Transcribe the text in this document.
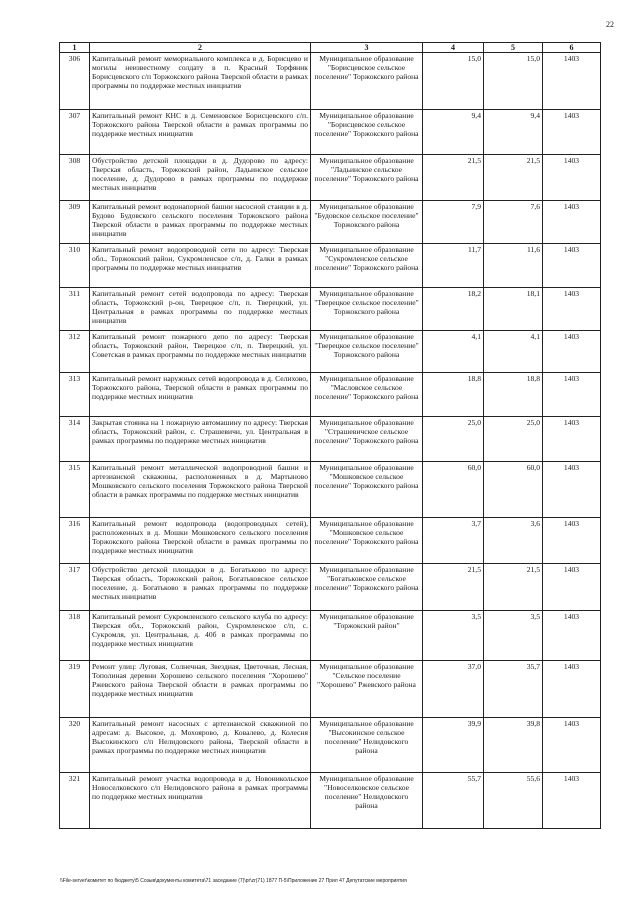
22
1	2	3	4	5	6
306	Капитальный ремонт мемориального комплекса в д. Борисцево и могилы неизвестному солдату в п. Красный Торфяник Борисцевского с/п Торжокского района Тверской области в рамках программы по поддержке местных инициатив	Муниципальное образование "Борисцевское сельское поселение" Торжокского района	15,0	15,0	1403
307	Капитальный ремонт КНС в д. Семеновское Борисцевского с/п. Торжокского района Тверской области в рамках программы по поддержке местных инициатив	Муниципальное образование "Борисцевское сельское поселение" Торжокского района	9,4	9,4	1403
308	Обустройство детской площадки в д. Дудорово по адресу: Тверская область, Торжокский район, Ладьинское сельское поселение, д. Дудорово в рамках программы по поддержке местных инициатив	Муниципальное образование "Ладьинское сельское поселение" Торжокского района	21,5	21,5	1403
309	Капитальный ремонт водонапорной башни насосной станции в д. Будово Будовского сельского поселения Торжокского района Тверской области в рамках программы по поддержке местных инициатив	Муниципальное образование "Будовское сельское поселение" Торжокского района	7,9	7,6	1403
310	Капитальный ремонт водопроводной сети по адресу: Тверская обл., Торжокский район, Сукромленское с/п, д. Галки в рамках программы по поддержке местных инициатив	Муниципальное образование "Сукромленское сельское поселение" Торжокского района	11,7	11,6	1403
311	Капитальный ремонт сетей водопровода по адресу: Тверская область, Торжокский р-он, Тверецкое с/п, п. Тверецкий, ул. Центральная в рамках программы по поддержке местных инициатив	Муниципальное образование "Тверецкое сельское поселение" Торжокского района	18,2	18,1	1403
312	Капитальный ремонт пожарного депо по адресу: Тверская область, Торжокский район, Тверецкое с/п, п. Тверецкий, ул. Советская в рамках программы по поддержке местных инициатив	Муниципальное образование "Тверецкое сельское поселение" Торжокского района	4,1	4,1	1403
313	Капитальный ремонт наружных сетей водопровода в д. Селихово, Торжокского района, Тверской области в рамках программы по поддержке местных инициатив	Муниципальное образование "Масловское сельское поселение" Торжокского района	18,8	18,8	1403
314	Закрытая стоянка на 1 пожарную автомашину по адресу: Тверская область, Торжокский район, с. Страшевичи, ул. Центральная в рамках программы по поддержке местных инициатив	Муниципальное образование "Страшевичское сельское поселение" Торжокского района	25,0	25,0	1403
315	Капитальный ремонт металлической водопроводной башни и артезианской скважины, расположенных в д. Мартыново Мошковского сельского поселения Торжокского района Тверской области в рамках программы по поддержке местных инициатив	Муниципальное образование "Мошковское сельское поселение" Торжокского района	60,0	60,0	1403
316	Капитальный ремонт водопровода (водопроводных сетей), расположенных в д. Мошки Мошковского сельского поселения Торжокского района Тверской области в рамках программы по поддержке местных инициатив	Муниципальное образование "Мошковское сельское поселение" Торжокского района	3,7	3,6	1403
317	Обустройство детской площадки в д. Богатьково по адресу: Тверская область, Торжокский район, Богатьковское сельское поселение, д. Богатьково в рамках программы по поддержке местных инициатив	Муниципальное образование "Богатьковское сельское поселение" Торжокского района	21,5	21,5	1403
318	Капитальный ремонт Сукромленского сельского клуба по адресу: Тверская обл., Торжокский район, Сукромленское с/п, с. Сукромля, ул. Центральная, д. 40б в рамках программы по поддержке местных инициатив	Муниципальное образование "Торжокский район"	3,5	3,5	1403
319	Ремонт улиц: Луговая, Солнечная, Звездная, Цветочная, Лесная, Тополиная деревни Хорошево сельского поселения "Хорошево" Ржевского района Тверской области в рамках программы по поддержке местных инициатив	Муниципальное образование "Сельское поселение "Хорошево" Ржевского района	37,0	35,7	1403
320	Капитальный ремонт насосных с артезианской скважиной по адресам: д. Высокое, д. Мохоярово, д. Ковалево, д. Колесня Высокинского с/п Нелидовского района, Тверской области в рамках программы по поддержке местных инициатив	Муниципальное образование "Высокинское сельское поселение" Нелидовского района	39,9	39,8	1403
321	Капитальный ремонт участка водопровода в д. Новоникольское Новоселковского с/п Нелидовского района в рамках программы по поддержке местных инициатив	Муниципальное образование "Новоселковское сельское поселение" Нелидовского района	55,7	55,6	1403
\\File-server\комитет по бюджету\5 Созыв\документы комитета\71 заседание (7)\pr\zr(71) 1877 П-5\Приложение 27 Прил 47 Депутатские мероприятия
